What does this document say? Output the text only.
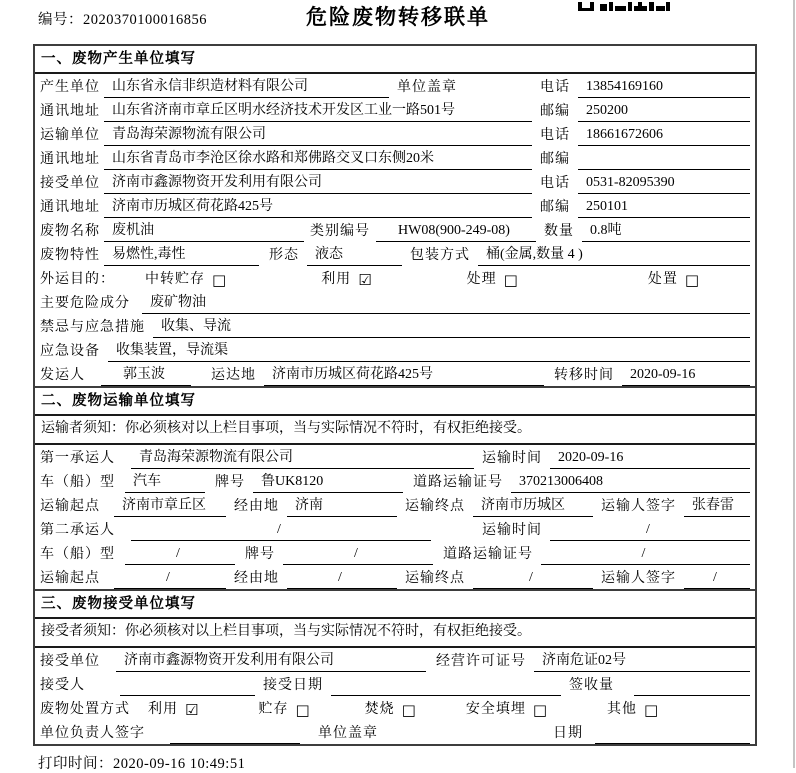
编号：2020370100016856	危险废物转移联单
一、废物产生单位填写
产生单位 山东省永信非织造材料有限公司	单位盖章	电话	13854169160
通讯地址 山东省济南市章丘区明水经济技术开发区工业一路501号	邮编	250200
运输单位 青岛海荣源物流有限公司	电话	18661672606
通讯地址 山东省青岛市李沧区徐水路和郑佛路交叉口东侧20米	邮编
接受单位 济南市鑫源物资开发利用有限公司	电话	0531-82095390
通讯地址 济南市历城区荷花路425号	邮编	250101
废物名称 废机油	类别编号	HW08(900-249-08)	数量	0.8吨
废物特性 易燃性,毒性	形态	液态	包装方式	桶(金属,数量 4 )
外运目的： 中转贮存 □	利用 ☑	处理 □	处置 □
主要危险成分	废矿物油
禁忌与应急措施	收集、导流
应急设备	收集装置，导流渠
发运人	郭玉波	运达地	济南市历城区荷花路425号	转移时间	2020-09-16
二、废物运输单位填写
运输者须知：你必须核对以上栏目事项，当与实际情况不符时，有权拒绝接受。
第一承运人	青岛海荣源物流有限公司	运输时间	2020-09-16
车（船）型	汽车	牌号	鲁UK8120	道路运输证号	370213006408
运输起点	济南市章丘区	经由地	济南	运输终点	济南市历城区	运输人签字	张春雷
第二承运人	/	运输时间	/
车（船）型	/	牌号	/	道路运输证号	/
运输起点	/	经由地	/	运输终点	/	运输人签字	/
三、废物接受单位填写
接受者须知：你必须核对以上栏目事项，当与实际情况不符时，有权拒绝接受。
接受单位	济南市鑫源物资开发利用有限公司	经营许可证号	济南危证02号
接受人	接受日期	签收量
废物处置方式 利用 ☑	贮存 □	焚烧 □	安全填埋 □	其他 □
单位负责人签字	单位盖章	日期
打印时间：2020-09-16 10:49:51
